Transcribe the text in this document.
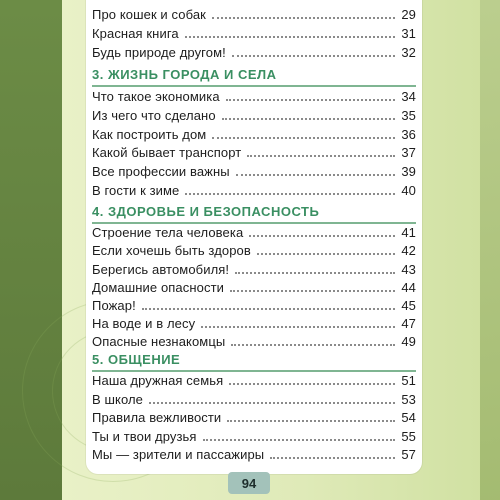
Про кошек и собак	29
Красная книга	31
Будь природе другом!	32
3. ЖИЗНЬ ГОРОДА И СЕЛА
Что такое экономика	34
Из чего что сделано	35
Как построить дом	36
Какой бывает транспорт	37
Все профессии важны	39
В гости к зиме	40
4. ЗДОРОВЬЕ И БЕЗОПАСНОСТЬ
Строение тела человека	41
Если хочешь быть здоров	42
Берегись автомобиля!	43
Домашние опасности	44
Пожар!	45
На воде и в лесу	47
Опасные незнакомцы	49
5. ОБЩЕНИЕ
Наша дружная семья	51
В школе	53
Правила вежливости	54
Ты и твои друзья	55
Мы — зрители и пассажиры	57
94
